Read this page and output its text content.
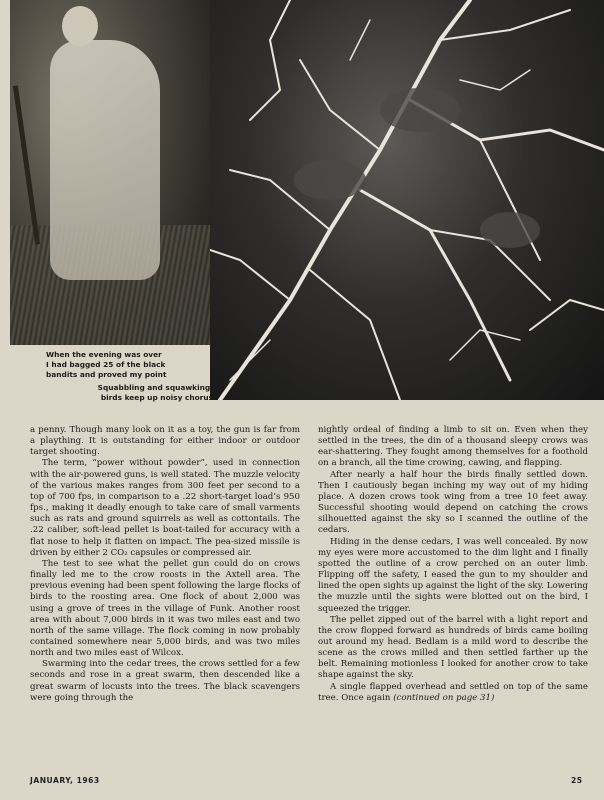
When the evening was over
I had bagged 25 of the black
bandits and proved my point
Squabbling and squawking,
birds keep up noisy chorus

a penny. Though many look on it as a toy, the gun is far from a plaything. It is outstanding for either indoor or outdoor target shooting.

The term, “power without powder”, used in connection with the air-powered guns, is well stated. The muzzle velocity of the various makes ranges from 300 feet per second to a top of 700 fps, in comparison to a .22 short-target load’s 950 fps., making it deadly enough to take care of small varments such as rats and ground squirrels as well as cottontails. The .22 caliber, soft-lead pellet is boat-tailed for accuracy with a flat nose to help it flatten on impact. The pea-sized missile is driven by either 2 CO₂ capsules or compressed air.

The test to see what the pellet gun could do on crows finally led me to the crow roosts in the Axtell area. The previous evening had been spent following the large flocks of birds to the roosting area. One flock of about 2,000 was using a grove of trees in the village of Funk. Another roost area with about 7,000 birds in it was two miles east and two north of the same village. The flock coming in now probably contained somewhere near 5,000 birds, and was two miles north and two miles east of Wilcox.

Swarming into the cedar trees, the crows settled for a few seconds and rose in a great swarm, then descended like a great swarm of locusts into the trees. The black scavengers were going through the

nightly ordeal of finding a limb to sit on. Even when they settled in the trees, the din of a thousand sleepy crows was ear-shattering. They fought among themselves for a foothold on a branch, all the time crowing, cawing, and flapping.

After nearly a half hour the birds finally settled down. Then I cautiously began inching my way out of my hiding place. A dozen crows took wing from a tree 10 feet away. Successful shooting would depend on catching the crows silhouetted against the sky so I scanned the outline of the cedars.

Hiding in the dense cedars, I was well concealed. By now my eyes were more accustomed to the dim light and I finally spotted the outline of a crow perched on an outer limb. Flipping off the safety, I eased the gun to my shoulder and lined the open sights up against the light of the sky. Lowering the muzzle until the sights were blotted out on the bird, I squeezed the trigger.

The pellet zipped out of the barrel with a light report and the crow flopped forward as hundreds of birds came boiling out around my head. Bedlam is a mild word to describe the scene as the crows milled and then settled farther up the belt. Remaining motionless I looked for another crow to take shape against the sky.

A single flapped overhead and settled on top of the same tree. Once again (continued on page 31)

JANUARY, 1963	25
